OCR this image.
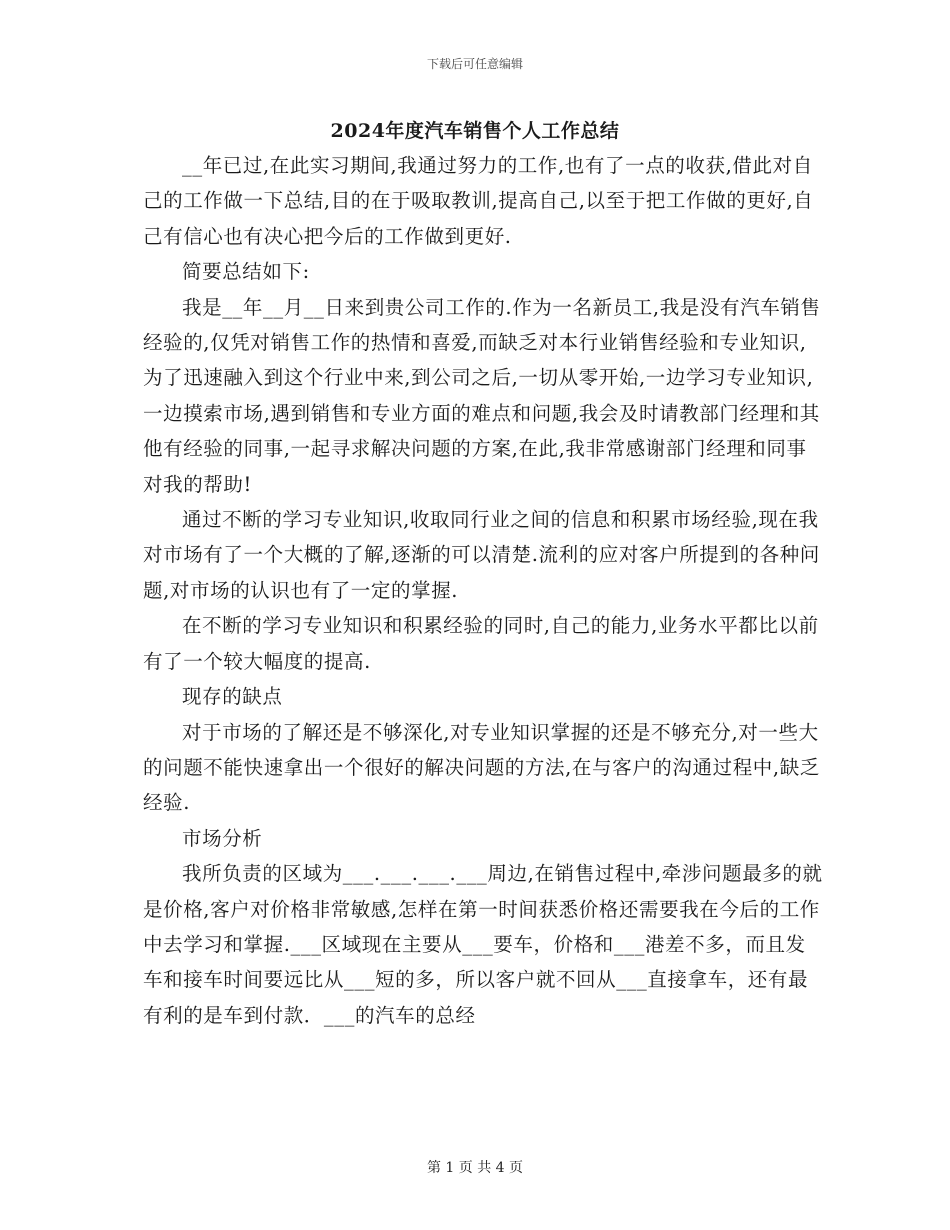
下载后可任意编辑
2024年度汽车销售个人工作总结

__年已过,在此实习期间,我通过努力的工作,也有了一点的收获,借此对自己的工作做一下总结,目的在于吸取教训,提高自己,以至于把工作做的更好,自己有信心也有决心把今后的工作做到更好.

简要总结如下:

我是__年__月__日来到贵公司工作的.作为一名新员工,我是没有汽车销售经验的,仅凭对销售工作的热情和喜爱,而缺乏对本行业销售经验和专业知识,为了迅速融入到这个行业中来,到公司之后,一切从零开始,一边学习专业知识,一边摸索市场,遇到销售和专业方面的难点和问题,我会及时请教部门经理和其他有经验的同事,一起寻求解决问题的方案,在此,我非常感谢部门经理和同事对我的帮助!

通过不断的学习专业知识,收取同行业之间的信息和积累市场经验,现在我对市场有了一个大概的了解,逐渐的可以清楚.流利的应对客户所提到的各种问题,对市场的认识也有了一定的掌握.

在不断的学习专业知识和积累经验的同时,自己的能力,业务水平都比以前有了一个较大幅度的提高.

现存的缺点

对于市场的了解还是不够深化,对专业知识掌握的还是不够充分,对一些大的问题不能快速拿出一个很好的解决问题的方法,在与客户的沟通过程中,缺乏经验.

市场分析

我所负责的区域为___.___.___.___周边,在销售过程中,牵涉问题最多的就是价格,客户对价格非常敏感,怎样在第一时间获悉价格还需要我在今后的工作中去学习和掌握.___区域现在主要从___要车，价格和___港差不多，而且发车和接车时间要远比从___短的多，所以客户就不回从___直接拿车，还有最有利的是车到付款．___的汽车的总经

第 1 页 共 4 页
